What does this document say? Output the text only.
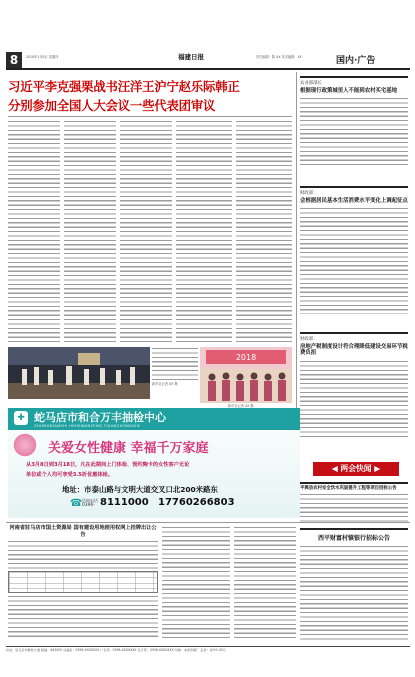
8	2018年3月8日 星期四	福建日报	责任编辑：陈 XX 美术编辑：XX	国内·广告
习近平李克强栗战书汪洋王沪宁赵乐际韩正
分别参加全国人大会议一些代表团审议
农业部部长
根据现行政策城里人不能到农村买宅基地
财政部：
会根据居民基本生活消费水平变化上调起征点
财政部：
房地产税制度设计符合理降低建设交易环节税费负担
◀ 两会快闻 ▶
新华社记者 XX 摄
2018
新华社记者 XX 摄
✚ 蛇马店市和合万丰抽检中心
ZHUMADIANSHI HEHEWANFENG TIJIANZHONGXIN
关爱女性健康 幸福千万家庭
从3月8日到3月18日，凡在此期间上门体检、预约陶卡的女性客户无论
单位或个人均可享受3.5折优惠体检。
地址：市泰山路与文明大道交叉口北200米路东
☎ 咨询电话
0396- 8111000 17760266803
平舆县农村安全饮水巩固提升工程等项目招标公告
河南省驻马店市国土资源局 国有建设用地使用权网上挂牌出让公告
西平财富村镇银行招标公告
社址：驻马店市解放大道 邮编：463000 总编室：0396-XXXXXXX 广告部：0396-XXXXXXX 发行部：0396-XXXXXXX 印刷：本报印刷厂 定价：每份1.00元
